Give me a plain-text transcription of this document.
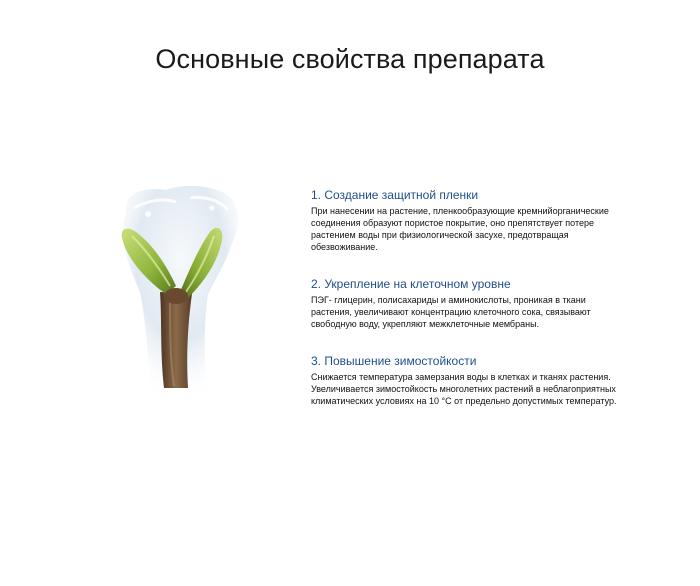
Основные свойства препарата

1. Создание защитной пленки

При нанесении на растение, пленкообразующие кремнийорганические
соединения образуют пористое покрытие, оно препятствует потере
растением воды при физиологической засухе, предотвращая
обезвоживание.

2. Укрепление на клеточном уровне

ПЭГ- глицерин, полисахариды и аминокислоты, проникая в ткани
растения, увеличивают концентрацию клеточного сока, связывают
свободную воду, укрепляют межклеточные мембраны.

3. Повышение зимостойкости

Снижается температура замерзания воды в клетках и тканях растения.
Увеличивается зимостойкость многолетних растений в неблагоприятных
климатических условиях на 10 °С от предельно допустимых температур.
